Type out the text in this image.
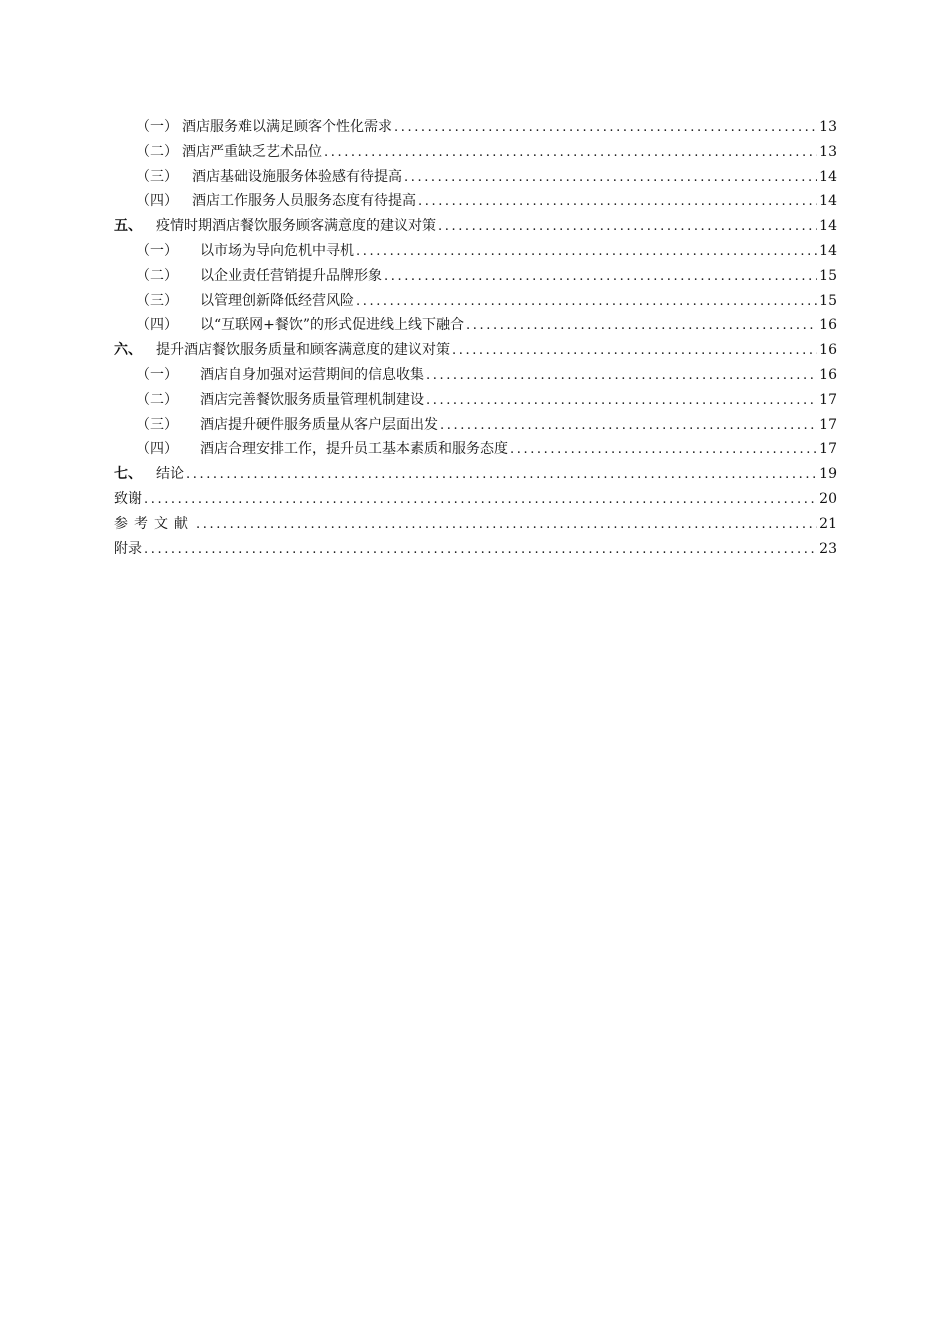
（一） 酒店服务难以满足顾客个性化需求 .....	13
（二） 酒店严重缺乏艺术品位 .....	13
（三） 酒店基础设施服务体验感有待提高 .....	14
（四） 酒店工作服务人员服务态度有待提高 .....	14
五、 疫情时期酒店餐饮服务顾客满意度的建议对策 .....	14
（一） 以市场为导向危机中寻机 .....	14
（二） 以企业责任营销提升品牌形象 .....	15
（三） 以管理创新降低经营风险 .....	15
（四） 以“互联网+餐饮”的形式促进线上线下融合 .....	16
六、 提升酒店餐饮服务质量和顾客满意度的建议对策 .....	16
（一） 酒店自身加强对运营期间的信息收集 .....	16
（二） 酒店完善餐饮服务质量管理机制建设 .....	17
（三） 酒店提升硬件服务质量从客户层面出发 .....	17
（四） 酒店合理安排工作，提升员工基本素质和服务态度 .....	17
七、 结论 .....	19
致谢 .....	20
参考文献 .....	21
附录 .....	23
